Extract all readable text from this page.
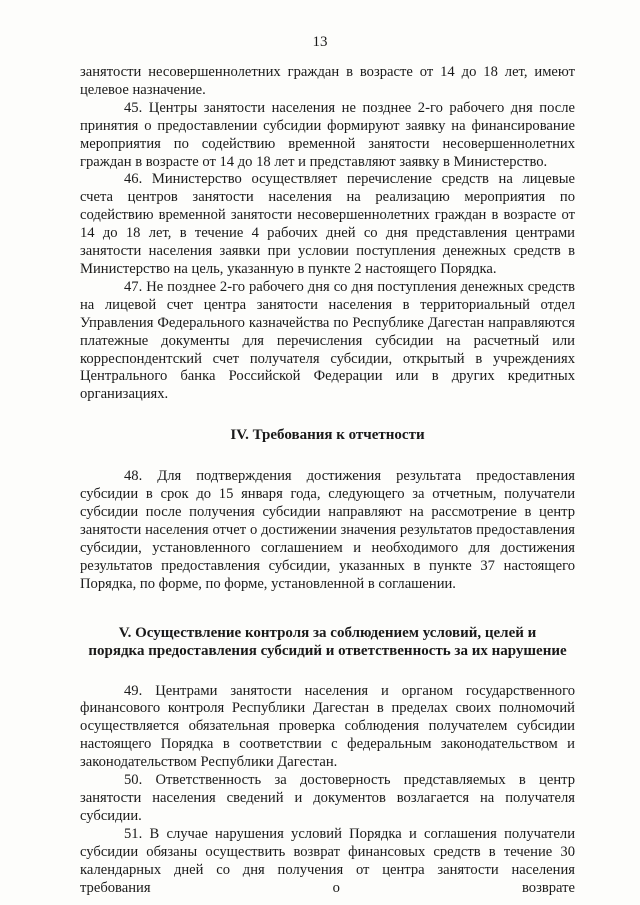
13

занятости несовершеннолетних граждан в возрасте от 14 до 18 лет, имеют целевое назначение.

45. Центры занятости населения не позднее 2-го рабочего дня после принятия о предоставлении субсидии формируют заявку на финансирование мероприятия по содействию временной занятости несовершеннолетних граждан в возрасте от 14 до 18 лет и представляют заявку в Министерство.

46. Министерство осуществляет перечисление средств на лицевые счета центров занятости населения на реализацию мероприятия по содействию временной занятости несовершеннолетних граждан в возрасте от 14 до 18 лет, в течение 4 рабочих дней со дня представления центрами занятости населения заявки при условии поступления денежных средств в Министерство на цель, указанную в пункте 2 настоящего Порядка.

47. Не позднее 2-го рабочего дня со дня поступления денежных средств на лицевой счет центра занятости населения в территориальный отдел Управления Федерального казначейства по Республике Дагестан направляются платежные документы для перечисления субсидии на расчетный или корреспондентский счет получателя субсидии, открытый в учреждениях Центрального банка Российской Федерации или в других кредитных организациях.

IV. Требования к отчетности

48. Для подтверждения достижения результата предоставления субсидии в срок до 15 января года, следующего за отчетным, получатели субсидии после получения субсидии направляют на рассмотрение в центр занятости населения отчет о достижении значения результатов предоставления субсидии, установленного соглашением и необходимого для достижения результатов предоставления субсидии, указанных в пункте 37 настоящего Порядка, по форме, по форме, установленной в соглашении.

V. Осуществление контроля за соблюдением условий, целей и
порядка предоставления субсидий и ответственность за их нарушение

49. Центрами занятости населения и органом государственного финансового контроля Республики Дагестан в пределах своих полномочий осуществляется обязательная проверка соблюдения получателем субсидии настоящего Порядка в соответствии с федеральным законодательством и законодательством Республики Дагестан.

50. Ответственность за достоверность представляемых в центр занятости населения сведений и документов возлагается на получателя субсидии.

51. В случае нарушения условий Порядка и соглашения получатели субсидии обязаны осуществить возврат финансовых средств в течение 30 календарных дней со дня получения от центра занятости населения требования о возврате
